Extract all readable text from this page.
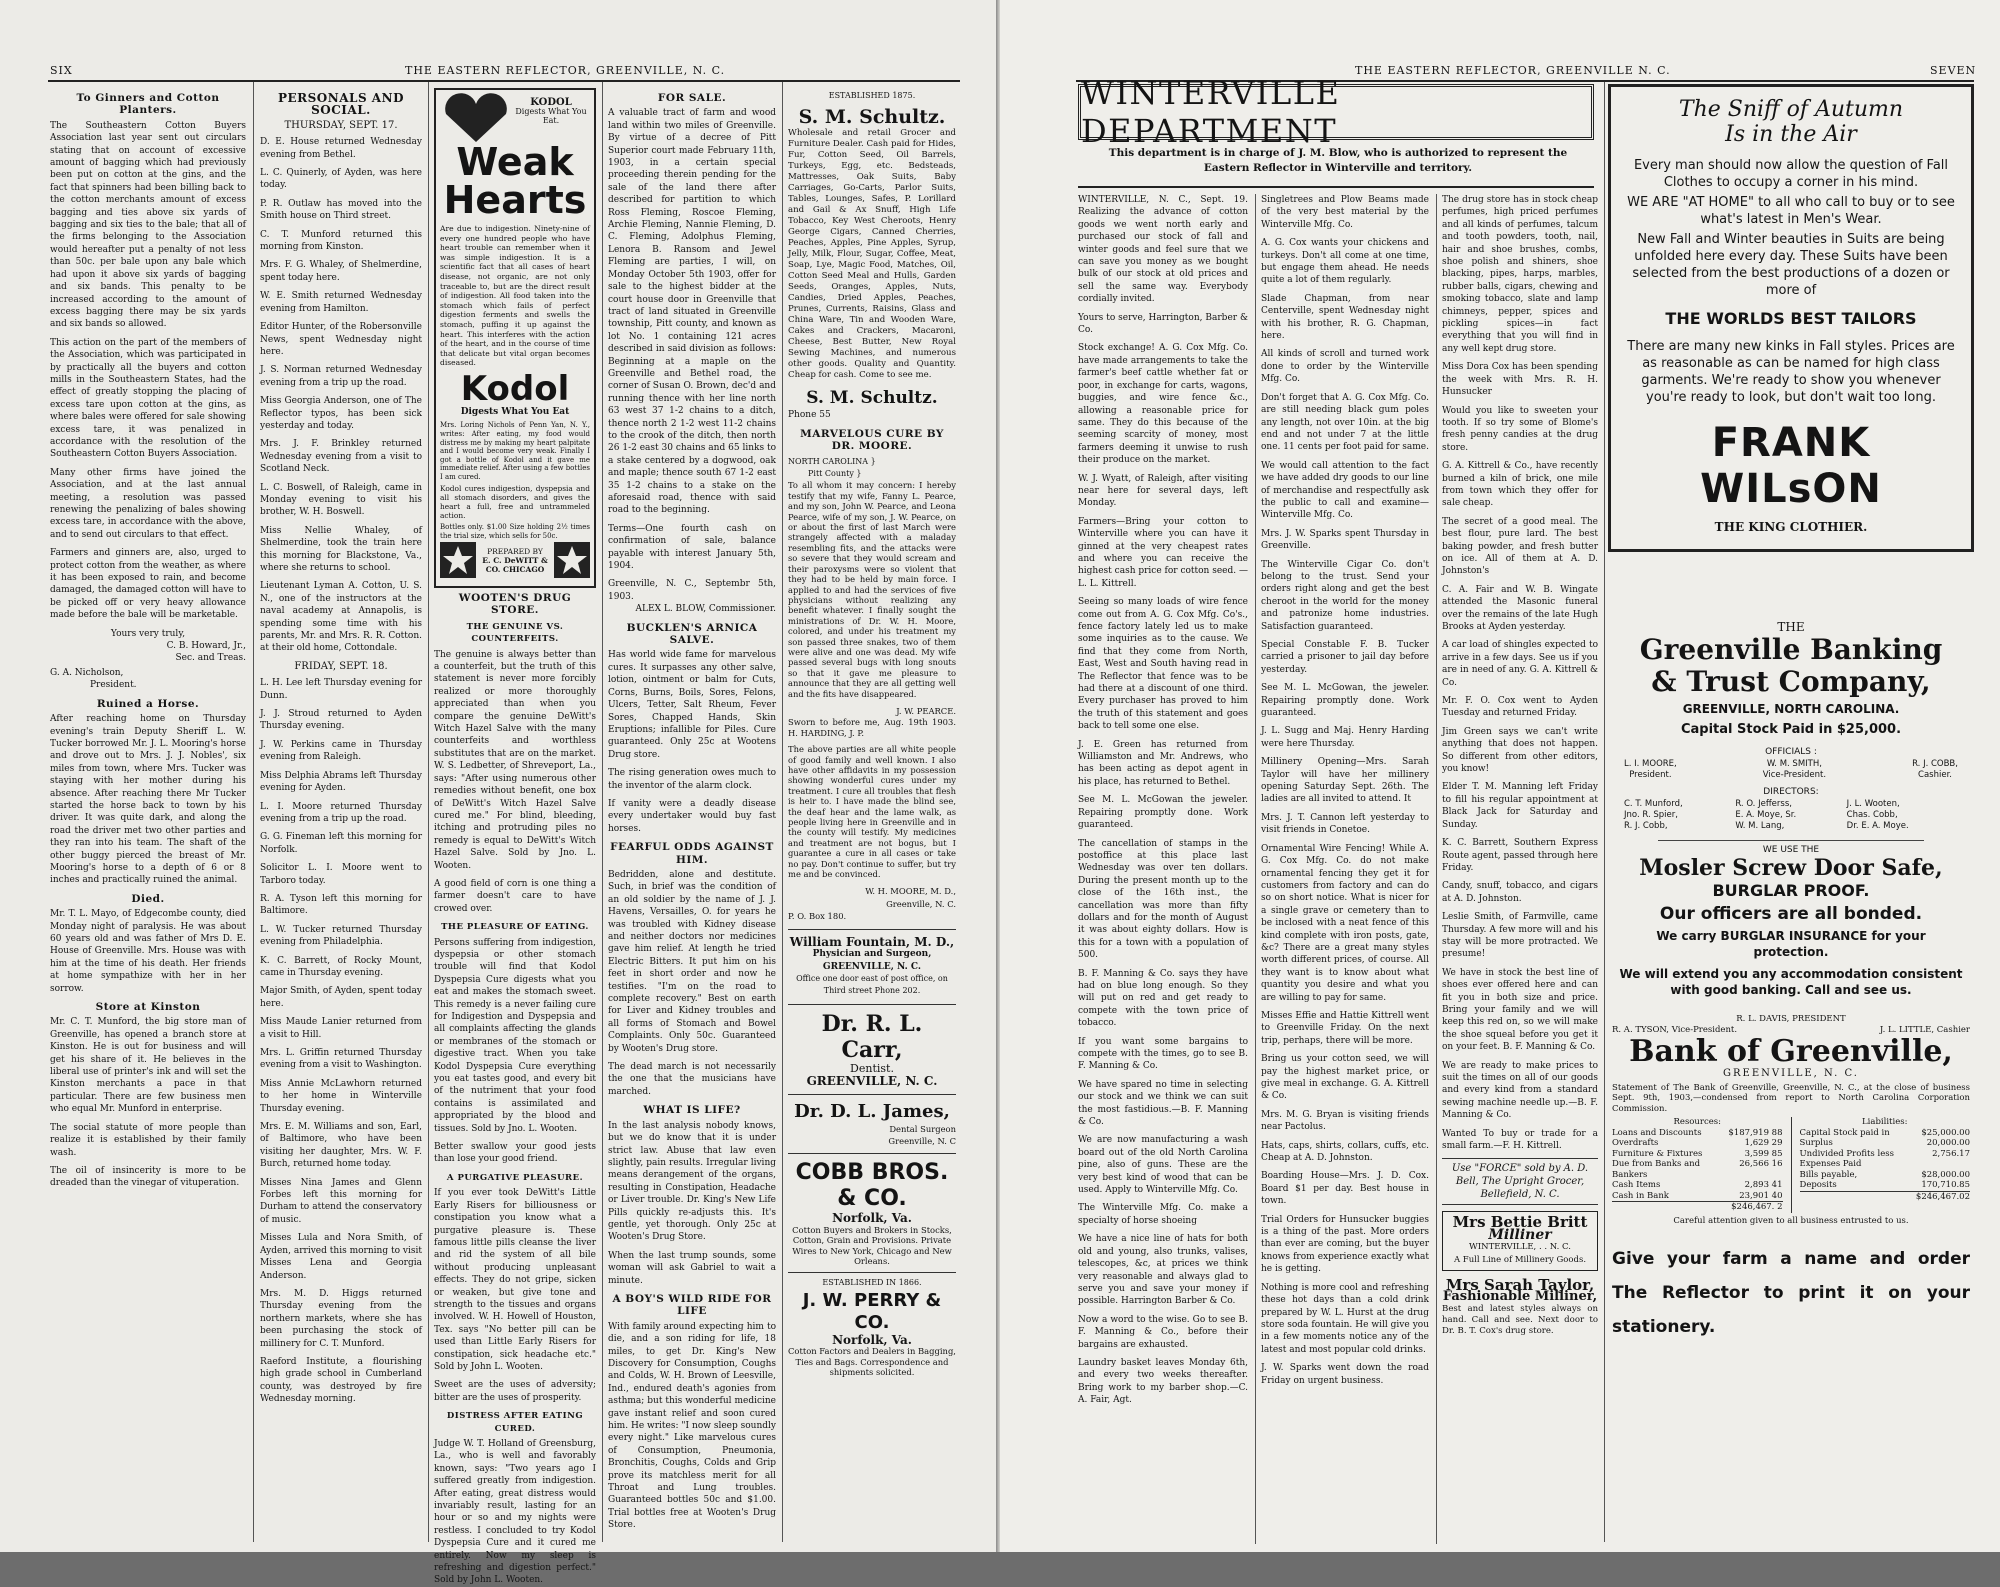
SIX	THE EASTERN REFLECTOR, GREENVILLE, N. C.
To Ginners and Cotton Planters.

The Southeastern Cotton Buyers Association last year sent out circulars stating that on account of excessive amount of bagging which had previously been put on cotton at the gins, and the fact that spinners had been billing back to the cotton merchants amount of excess bagging and ties above six yards of bagging and six ties to the bale; that all of the firms belonging to the Association would hereafter put a penalty of not less than 50c. per bale upon any bale which had upon it above six yards of bagging and six bands. This penalty to be increased according to the amount of excess bagging there may be six yards and six bands so allowed.

This action on the part of the members of the Association, which was participated in by practically all the buyers and cotton mills in the Southeastern States, had the effect of greatly stopping the placing of excess tare upon cotton at the gins, as where bales were offered for sale showing excess tare, it was penalized in accordance with the resolution of the Southeastern Cotton Buyers Association.

Many other firms have joined the Association, and at the last annual meeting, a resolution was passed renewing the penalizing of bales showing excess tare, in accordance with the above, and to send out circulars to that effect.

Farmers and ginners are, also, urged to protect cotton from the weather, as where it has been exposed to rain, and become damaged, the damaged cotton will have to be picked off or very heavy allowance made before the bale will be marketable.

Yours very truly,
C. B. Howard, Jr.,
Sec. and Treas.
G. A. Nicholson,
President.
Ruined a Horse.

After reaching home on Thursday evening's train Deputy Sheriff L. W. Tucker borrowed Mr. J. L. Mooring's horse and drove out to Mrs. J. J. Nobles', six miles from town, where Mrs. Tucker was staying with her mother during his absence. After reaching there Mr Tucker started the horse back to town by his driver. It was quite dark, and along the road the driver met two other parties and they ran into his team. The shaft of the other buggy pierced the breast of Mr. Mooring's horse to a depth of 6 or 8 inches and practically ruined the animal.

Died.

Mr. T. L. Mayo, of Edgecombe county, died Monday night of paralysis. He was about 60 years old and was father of Mrs D. E. House of Greenville. Mrs. House was with him at the time of his death. Her friends at home sympathize with her in her sorrow.

Store at Kinston

Mr. C. T. Munford, the big store man of Greenville, has opened a branch store at Kinston. He is out for business and will get his share of it. He believes in the liberal use of printer's ink and will set the Kinston merchants a pace in that particular. There are few business men who equal Mr. Munford in enterprise.

The social statute of more people than realize it is established by their family wash.

The oil of insincerity is more to be dreaded than the vinegar of vituperation.

PERSONALS AND SOCIAL.
THURSDAY, SEPT. 17.

D. E. House returned Wednesday evening from Bethel.

L. C. Quinerly, of Ayden, was here today.

P. R. Outlaw has moved into the Smith house on Third street.

C. T. Munford returned this morning from Kinston.

Mrs. F. G. Whaley, of Shelmerdine, spent today here.

W. E. Smith returned Wednesday evening from Hamilton.

Editor Hunter, of the Robersonville News, spent Wednesday night here.

J. S. Norman returned Wednesday evening from a trip up the road.

Miss Georgia Anderson, one of The Reflector typos, has been sick yesterday and today.

Mrs. J. F. Brinkley returned Wednesday evening from a visit to Scotland Neck.

L. C. Boswell, of Raleigh, came in Monday evening to visit his brother, W. H. Boswell.

Miss Nellie Whaley, of Shelmerdine, took the train here this morning for Blackstone, Va., where she returns to school.

Lieutenant Lyman A. Cotton, U. S. N., one of the instructors at the naval academy at Annapolis, is spending some time with his parents, Mr. and Mrs. R. R. Cotton. at their old home, Cottondale.

FRIDAY, SEPT. 18.

L. H. Lee left Thursday evening for Dunn.

J. J. Stroud returned to Ayden Thursday evening.

J. W. Perkins came in Thursday evening from Raleigh.

Miss Delphia Abrams left Thursday evening for Ayden.

L. I. Moore returned Thursday evening from a trip up the road.

G. G. Fineman left this morning for Norfolk.

Solicitor L. I. Moore went to Tarboro today.

R. A. Tyson left this morning for Baltimore.

L. W. Tucker returned Thursday evening from Philadelphia.

K. C. Barrett, of Rocky Mount, came in Thursday evening.

Major Smith, of Ayden, spent today here.

Miss Maude Lanier returned from a visit to Hill.

Mrs. L. Griffin returned Thursday evening from a visit to Washington.

Miss Annie McLawhorn returned to her home in Winterville Thursday evening.

Mrs. E. M. Williams and son, Earl, of Baltimore, who have been visiting her daughter, Mrs. W. F. Burch, returned home today.

Misses Nina James and Glenn Forbes left this morning for Durham to attend the conservatory of music.

Misses Lula and Nora Smith, of Ayden, arrived this morning to visit Misses Lena and Georgia Anderson.

Mrs. M. D. Higgs returned Thursday evening from the northern markets, where she has been purchasing the stock of millinery for C. T. Munford.

Raeford Institute, a flourishing high grade school in Cumberland county, was destroyed by fire Wednesday morning.

KODOL
Digests What You Eat.
Weak
Hearts

Are due to indigestion. Ninety-nine of every one hundred people who have heart trouble can remember when it was simple indigestion. It is a scientific fact that all cases of heart disease, not organic, are not only traceable to, but are the direct result of indigestion. All food taken into the stomach which fails of perfect digestion ferments and swells the stomach, puffing it up against the heart. This interferes with the action of the heart, and in the course of time that delicate but vital organ becomes diseased.

Kodol
Digests What You Eat

Mrs. Loring Nichols of Penn Yan, N. Y., writes: After eating, my food would distress me by making my heart palpitate and I would become very weak. Finally I got a bottle of Kodol and it gave me immediate relief. After using a few bottles I am cured.

Kodol cures indigestion, dyspepsia and all stomach disorders, and gives the heart a full, free and untrammeled action.

Bottles only. $1.00 Size holding 2½ times the trial size, which sells for 50c.

PREPARED BY
E. C. DeWITT & CO. CHICAGO
WOOTEN'S DRUG STORE.
THE GENUINE VS. COUNTERFEITS.

The genuine is always better than a counterfeit, but the truth of this statement is never more forcibly realized or more thoroughly appreciated than when you compare the genuine DeWitt's Witch Hazel Salve with the many counterfeits and worthless substitutes that are on the market. W. S. Ledbetter, of Shreveport, La., says: "After using numerous other remedies without benefit, one box of DeWitt's Witch Hazel Salve cured me." For blind, bleeding, itching and protruding piles no remedy is equal to DeWitt's Witch Hazel Salve. Sold by Jno. L. Wooten.

A good field of corn is one thing a farmer doesn't care to have crowed over.

THE PLEASURE OF EATING.

Persons suffering from indigestion, dyspepsia or other stomach trouble will find that Kodol Dyspepsia Cure digests what you eat and makes the stomach sweet. This remedy is a never failing cure for Indigestion and Dyspepsia and all complaints affecting the glands or membranes of the stomach or digestive tract. When you take Kodol Dyspepsia Cure everything you eat tastes good, and every bit of the nutriment that your food contains is assimilated and appropriated by the blood and tissues. Sold by Jno. L. Wooten.

Better swallow your good jests than lose your good friend.

A PURGATIVE PLEASURE.

If you ever took DeWitt's Little Early Risers for billiousness or constipation you know what a purgative pleasure is. These famous little pills cleanse the liver and rid the system of all bile without producing unpleasant effects. They do not gripe, sicken or weaken, but give tone and strength to the tissues and organs involved. W. H. Howell of Houston, Tex. says "No better pill can be used than Little Early Risers for constipation, sick headache etc." Sold by John L. Wooten.

Sweet are the uses of adversity; bitter are the uses of prosperity.

DISTRESS AFTER EATING CURED.

Judge W. T. Holland of Greensburg, La., who is well and favorably known, says: "Two years ago I suffered greatly from indigestion. After eating, great distress would invariably result, lasting for an hour or so and my nights were restless. I concluded to try Kodol Dyspepsia Cure and it cured me entirely. Now my sleep is refreshing and digestion perfect." Sold by John L. Wooten.

FOR SALE.

A valuable tract of farm and wood land within two miles of Greenville. By virtue of a decree of Pitt Superior court made February 11th, 1903, in a certain special proceeding therein pending for the sale of the land there after described for partition to which Ross Fleming, Roscoe Fleming, Archie Fleming, Nannie Fleming, D. C. Fleming, Adolphus Fleming, Lenora B. Ransom and Jewel Fleming are parties, I will, on Monday October 5th 1903, offer for sale to the highest bidder at the court house door in Greenville that tract of land situated in Greenville township, Pitt county, and known as lot No. 1 containing 121 acres described in said division as follows: Beginning at a maple on the Greenville and Bethel road, the corner of Susan O. Brown, dec'd and running thence with her line north 63 west 37 1-2 chains to a ditch, thence north 2 1-2 west 11-2 chains to the crook of the ditch, then north 26 1-2 east 30 chains and 65 links to a stake centered by a dogwood, oak and maple; thence south 67 1-2 east 35 1-2 chains to a stake on the aforesaid road, thence with said road to the beginning.

Terms—One fourth cash on confirmation of sale, balance payable with interest January 5th, 1904.

Greenville, N. C., Septembr 5th, 1903.
ALEX L. BLOW, Commissioner.
BUCKLEN'S ARNICA SALVE.

Has world wide fame for marvelous cures. It surpasses any other salve, lotion, ointment or balm for Cuts, Corns, Burns, Boils, Sores, Felons, Ulcers, Tetter, Salt Rheum, Fever Sores, Chapped Hands, Skin Eruptions; infallible for Piles. Cure guaranteed. Only 25c at Wootens Drug store.

The rising generation owes much to the inventor of the alarm clock.

If vanity were a deadly disease every undertaker would buy fast horses.

FEARFUL ODDS AGAINST HIM.

Bedridden, alone and destitute. Such, in brief was the condition of an old soldier by the name of J. J. Havens, Versailles, O. for years he was troubled with Kidney disease and neither doctors nor medicines gave him relief. At length he tried Electric Bitters. It put him on his feet in short order and now he testifies. "I'm on the road to complete recovery." Best on earth for Liver and Kidney troubles and all forms of Stomach and Bowel Complaints. Only 50c. Guaranteed by Wooten's Drug store.

The dead march is not necessarily the one that the musicians have marched.

WHAT IS LIFE?

In the last analysis nobody knows, but we do know that it is under strict law. Abuse that law even slightly, pain results. Irregular living means derangement of the organs, resulting in Constipation, Headache or Liver trouble. Dr. King's New Life Pills quickly re-adjusts this. It's gentle, yet thorough. Only 25c at Wooten's Drug Store.

When the last trump sounds, some woman will ask Gabriel to wait a minute.

A BOY'S WILD RIDE FOR LIFE

With family around expecting him to die, and a son riding for life, 18 miles, to get Dr. King's New Discovery for Consumption, Coughs and Colds, W. H. Brown of Leesville, Ind., endured death's agonies from asthma; but this wonderful medicine gave instant relief and soon cured him. He writes: "I now sleep soundly every night." Like marvelous cures of Consumption, Pneumonia, Bronchitis, Coughs, Colds and Grip prove its matchless merit for all Throat and Lung troubles. Guaranteed bottles 50c and $1.00. Trial bottles free at Wooten's Drug Store.

ESTABLISHED 1875.
S. M. Schultz.

Wholesale and retail Grocer and Furniture Dealer. Cash paid for Hides, Fur, Cotton Seed, Oil Barrels, Turkeys, Egg, etc. Bedsteads, Mattresses, Oak Suits, Baby Carriages, Go-Carts, Parlor Suits, Tables, Lounges, Safes, P. Lorillard and Gail & Ax Snuff, High Life Tobacco, Key West Cheroots, Henry George Cigars, Canned Cherries, Peaches, Apples, Pine Apples, Syrup, Jelly, Milk, Flour, Sugar, Coffee, Meat, Soap, Lye, Magic Food, Matches, Oil, Cotton Seed Meal and Hulls, Garden Seeds, Oranges, Apples, Nuts, Candies, Dried Apples, Peaches, Prunes, Currents, Raisins, Glass and China Ware, Tin and Wooden Ware, Cakes and Crackers, Macaroni, Cheese, Best Butter, New Royal Sewing Machines, and numerous other goods. Quality and Quantity. Cheap for cash. Come to see me.

S. M. Schultz.
Phone 55
MARVELOUS CURE BY DR. MOORE.
NORTH CAROLINA }
Pitt County }

To all whom it may concern: I hereby testify that my wife, Fanny L. Pearce, and my son, John W. Pearce, and Leona Pearce, wife of my son, J. W. Pearce, on or about the first of last March were strangely affected with a maladay resembling fits, and the attacks were so severe that they would scream and their paroxysms were so violent that they had to be held by main force. I applied to and had the services of five physicians without realizing any benefit whatever. I finally sought the ministrations of Dr. W. H. Moore, colored, and under his treatment my son passed three snakes, two of them were alive and one was dead. My wife passed several bugs with long snouts so that it gave me pleasure to announce that they are all getting well and the fits have disappeared.

J. W. PEARCE.

Sworn to before me, Aug. 19th 1903. H. HARDING, J. P.

The above parties are all white people of good family and well known. I also have other affidavits in my possession showing wonderful cures under my treatment. I cure all troubles that flesh is heir to. I have made the blind see, the deaf hear and the lame walk, as people living here in Greenville and in the county will testify. My medicines and treatment are not bogus, but I guarantee a cure in all cases or take no pay. Don't continue to suffer, but try me and be convinced.

W. H. MOORE, M. D.,
Greenville, N. C.
P. O. Box 180.
William Fountain, M. D.,
Physician and Surgeon,
GREENVILLE, N. C.
Office one door east of post office, on Third street Phone 202.
Dr. R. L. Carr,
Dentist.
GREENVILLE, N. C.
Dr. D. L. James,
Dental Surgeon
Greenville, N. C
COBB BROS. & CO.
Norfolk, Va.

Cotton Buyers and Brokers in Stocks, Cotton, Grain and Provisions. Private Wires to New York, Chicago and New Orleans.

ESTABLISHED IN 1866.
J. W. PERRY & CO.
Norfolk, Va.

Cotton Factors and Dealers in Bagging, Ties and Bags. Correspondence and shipments solicited.

THE EASTERN REFLECTOR, GREENVILLE N. C.	SEVEN
WINTERVILLE DEPARTMENT
This department is in charge of J. M. Blow, who is authorized to represent the Eastern Reflector in Winterville and territory.

WINTERVILLE, N. C., Sept. 19. Realizing the advance of cotton goods we went north early and purchased our stock of fall and winter goods and feel sure that we can save you money as we bought bulk of our stock at old prices and sell the same way. Everybody cordially invited.

Yours to serve, Harrington, Barber & Co.

Stock exchange! A. G. Cox Mfg. Co. have made arrangements to take the farmer's beef cattle whether fat or poor, in exchange for carts, wagons, buggies, and wire fence &c., allowing a reasonable price for same. They do this because of the seeming scarcity of money, most farmers deeming it unwise to rush their produce on the market.

W. J. Wyatt, of Raleigh, after visiting near here for several days, left Monday.

Farmers—Bring your cotton to Winterville where you can have it ginned at the very cheapest rates and where you can receive the highest cash price for cotton seed. —L. L. Kittrell.

Seeing so many loads of wire fence come out from A. G. Cox Mfg. Co's., fence factory lately led us to make some inquiries as to the cause. We find that they come from North, East, West and South having read in The Reflector that fence was to be had there at a discount of one third. Every purchaser has proved to him the truth of this statement and goes back to tell some one else.

J. E. Green has returned from Williamston and Mr. Andrews, who has been acting as depot agent in his place, has returned to Bethel.

See M. L. McGowan the jeweler. Repairing promptly done. Work guaranteed.

The cancellation of stamps in the postoffice at this place last Wednesday was over ten dollars. During the present month up to the close of the 16th inst., the cancellation was more than fifty dollars and for the month of August it was about eighty dollars. How is this for a town with a population of 500.

B. F. Manning & Co. says they have had on blue long enough. So they will put on red and get ready to compete with the town price of tobacco.

If you want some bargains to compete with the times, go to see B. F. Manning & Co.

We have spared no time in selecting our stock and we think we can suit the most fastidious.—B. F. Manning & Co.

We are now manufacturing a wash board out of the old North Carolina pine, also of guns. These are the very best kind of wood that can be used. Apply to Winterville Mfg. Co.

The Winterville Mfg. Co. make a specialty of horse shoeing

We have a nice line of hats for both old and young, also trunks, valises, telescopes, &c, at prices we think very reasonable and always glad to serve you and save your money if possible. Harrington Barber & Co.

Now a word to the wise. Go to see B. F. Manning & Co., before their bargains are exhausted.

Laundry basket leaves Monday 6th, and every two weeks thereafter. Bring work to my barber shop.—C. A. Fair, Agt.

Singletrees and Plow Beams made of the very best material by the Winterville Mfg. Co.

A. G. Cox wants your chickens and turkeys. Don't all come at one time, but engage them ahead. He needs quite a lot of them regularly.

Slade Chapman, from near Centerville, spent Wednesday night with his brother, R. G. Chapman, here.

All kinds of scroll and turned work done to order by the Winterville Mfg. Co.

Don't forget that A. G. Cox Mfg. Co. are still needing black gum poles any length, not over 10in. at the big end and not under 7 at the little one. 11 cents per foot paid for same.

We would call attention to the fact we have added dry goods to our line of merchandise and respectfully ask the public to call and examine—Winterville Mfg. Co.

Mrs. J. W. Sparks spent Thursday in Greenville.

The Winterville Cigar Co. don't belong to the trust. Send your orders right along and get the best cheroot in the world for the money and patronize home industries. Satisfaction guaranteed.

Special Constable F. B. Tucker carried a prisoner to jail day before yesterday.

See M. L. McGowan, the jeweler. Repairing promptly done. Work guaranteed.

J. L. Sugg and Maj. Henry Harding were here Thursday.

Millinery Opening—Mrs. Sarah Taylor will have her millinery opening Saturday Sept. 26th. The ladies are all invited to attend. It

Mrs. J. T. Cannon left yesterday to visit friends in Conetoe.

Ornamental Wire Fencing! While A. G. Cox Mfg. Co. do not make ornamental fencing they get it for customers from factory and can do so on short notice. What is nicer for a single grave or cemetery than to be inclosed with a neat fence of this kind complete with iron posts, gate, &c? There are a great many styles worth different prices, of course. All they want is to know about what quantity you desire and what you are willing to pay for same.

Misses Effie and Hattie Kittrell went to Greenville Friday. On the next trip, perhaps, there will be more.

Bring us your cotton seed, we will pay the highest market price, or give meal in exchange. G. A. Kittrell & Co.

Mrs. M. G. Bryan is visiting friends near Pactolus.

Hats, caps, shirts, collars, cuffs, etc. Cheap at A. D. Johnston.

Boarding House—Mrs. J. D. Cox. Board $1 per day. Best house in town.

Trial Orders for Hunsucker buggies is a thing of the past. More orders than ever are coming, but the buyer knows from experience exactly what he is getting.

Nothing is more cool and refreshing these hot days than a cold drink prepared by W. L. Hurst at the drug store soda fountain. He will give you in a few moments notice any of the latest and most popular cold drinks.

J. W. Sparks went down the road Friday on urgent business.

The drug store has in stock cheap perfumes, high priced perfumes and all kinds of perfumes, talcum and tooth powders, tooth, nail, hair and shoe brushes, combs, shoe polish and shiners, shoe blacking, pipes, harps, marbles, rubber balls, cigars, chewing and smoking tobacco, slate and lamp chimneys, pepper, spices and pickling spices—in fact everything that you will find in any well kept drug store.

Miss Dora Cox has been spending the week with Mrs. R. H. Hunsucker

Would you like to sweeten your tooth. If so try some of Blome's fresh penny candies at the drug store.

G. A. Kittrell & Co., have recently burned a kiln of brick, one mile from town which they offer for sale cheap.

The secret of a good meal. The best flour, pure lard. The best baking powder, and fresh butter on ice. All of them at A. D. Johnston's

C. A. Fair and W. B. Wingate attended the Masonic funeral over the remains of the late Hugh Brooks at Ayden yesterday.

A car load of shingles expected to arrive in a few days. See us if you are in need of any. G. A. Kittrell & Co.

Mr. F. O. Cox went to Ayden Tuesday and returned Friday.

Jim Green says we can't write anything that does not happen. So different from other editors, you know!

Elder T. M. Manning left Friday to fill his regular appointment at Black Jack for Saturday and Sunday.

K. C. Barrett, Southern Express Route agent, passed through here Friday.

Candy, snuff, tobacco, and cigars at A. D. Johnston.

Leslie Smith, of Farmville, came Thursday. A few more will and his stay will be more protracted. We presume!

We have in stock the best line of shoes ever offered here and can fit you in both size and price. Bring your family and we will keep this red on, so we will make the shoe squeal before you get it on your feet. B. F. Manning & Co.

We are ready to make prices to suit the times on all of our goods and every kind from a standard sewing machine needle up.—B. F. Manning & Co.

Wanted To buy or trade for a small farm.—F. H. Kittrell.

Use "FORCE" sold by A. D. Bell, The Upright Grocer, Bellefield, N. C.
Mrs Bettie Britt
Milliner
WINTERVILLE, . . N. C.
A Full Line of Millinery Goods.
Mrs Sarah Taylor,
Fashionable Milliner,

Best and latest styles always on hand. Call and see. Next door to Dr. B. T. Cox's drug store.

The Sniff of Autumn
Is in the Air
Every man should now allow the question of Fall Clothes to occupy a corner in his mind.
WE ARE "AT HOME" to all who call to buy or to see what's latest in Men's Wear.
New Fall and Winter beauties in Suits are being unfolded here every day. These Suits have been selected from the best productions of a dozen or more of
THE WORLDS BEST TAILORS
There are many new kinks in Fall styles. Prices are as reasonable as can be named for high class garments. We're ready to show you whenever you're ready to look, but don't wait too long.
FRANK WILsON
THE KING CLOTHIER.
THE
Greenville Banking
& Trust Company,
GREENVILLE, NORTH CAROLINA.
Capital Stock Paid in $25,000.
OFFICIALS :
L. I. MOORE,
President.
W. M. SMITH,
Vice-President.
R. J. COBB,
Cashier.
DIRECTORS:
C. T. Munford,	R. O. Jefferss,	J. L. Wooten,
Jno. R. Spier,	E. A. Moye, Sr.	Chas. Cobb,
R. J. Cobb,	W. M. Lang,	Dr. E. A. Moye.
WE USE THE
Mosler Screw Door Safe,
BURGLAR PROOF.
Our officers are all bonded.
We carry BURGLAR INSURANCE for your protection.
We will extend you any accommodation consistent with good banking. Call and see us.
R. L. DAVIS, PRESIDENT
R. A. TYSON, Vice-President.	J. L. LITTLE, Cashier
Bank of Greenville,
GREENVILLE, N. C.

Statement of The Bank of Greenville, Greenville, N. C., at the close of business Sept. 9th, 1903,—condensed from report to North Carolina Corporation Commission.

Resources:
Loans and Discounts	$187,919 88
Overdrafts	1,629 29
Furniture & Fixtures	3,599 85
Due from Banks and Bankers
26,566 16
Cash Items	2,893 41
Cash in Bank	23,901 40
$246,467. 2
Liabilities:
Capital Stock paid in	$25,000.00
Surplus	20,000.00
Undivided Profits less Expenses Paid
2,756.17
Bills payable,	$28,000.00
Deposits	170,710.85
$246,467.02
Careful attention given to all business entrusted to us.
Give your farm a name and order The Reflector to print it on your stationery.
